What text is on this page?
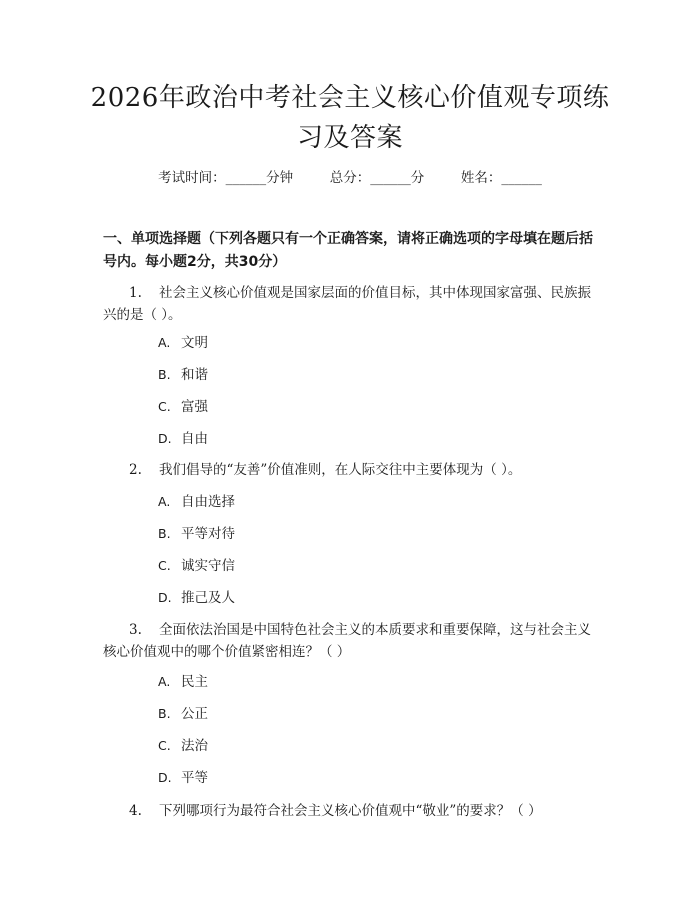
2026年政治中考社会主义核心价值观专项练
习及答案
考试时间：______分钟	总分：______分	姓名：______
一、单项选择题（下列各题只有一个正确答案，请将正确选项的字母填在题后括号内。每小题2分，共30分）
1. 社会主义核心价值观是国家层面的价值目标，其中体现国家富强、民族振兴的是（ ）。
A. 文明
B. 和谐
C. 富强
D. 自由
2. 我们倡导的“友善”价值准则，在人际交往中主要体现为（ ）。
A. 自由选择
B. 平等对待
C. 诚实守信
D. 推己及人
3. 全面依法治国是中国特色社会主义的本质要求和重要保障，这与社会主义核心价值观中的哪个价值紧密相连？（ ）
A. 民主
B. 公正
C. 法治
D. 平等
4. 下列哪项行为最符合社会主义核心价值观中“敬业”的要求？（ ）
